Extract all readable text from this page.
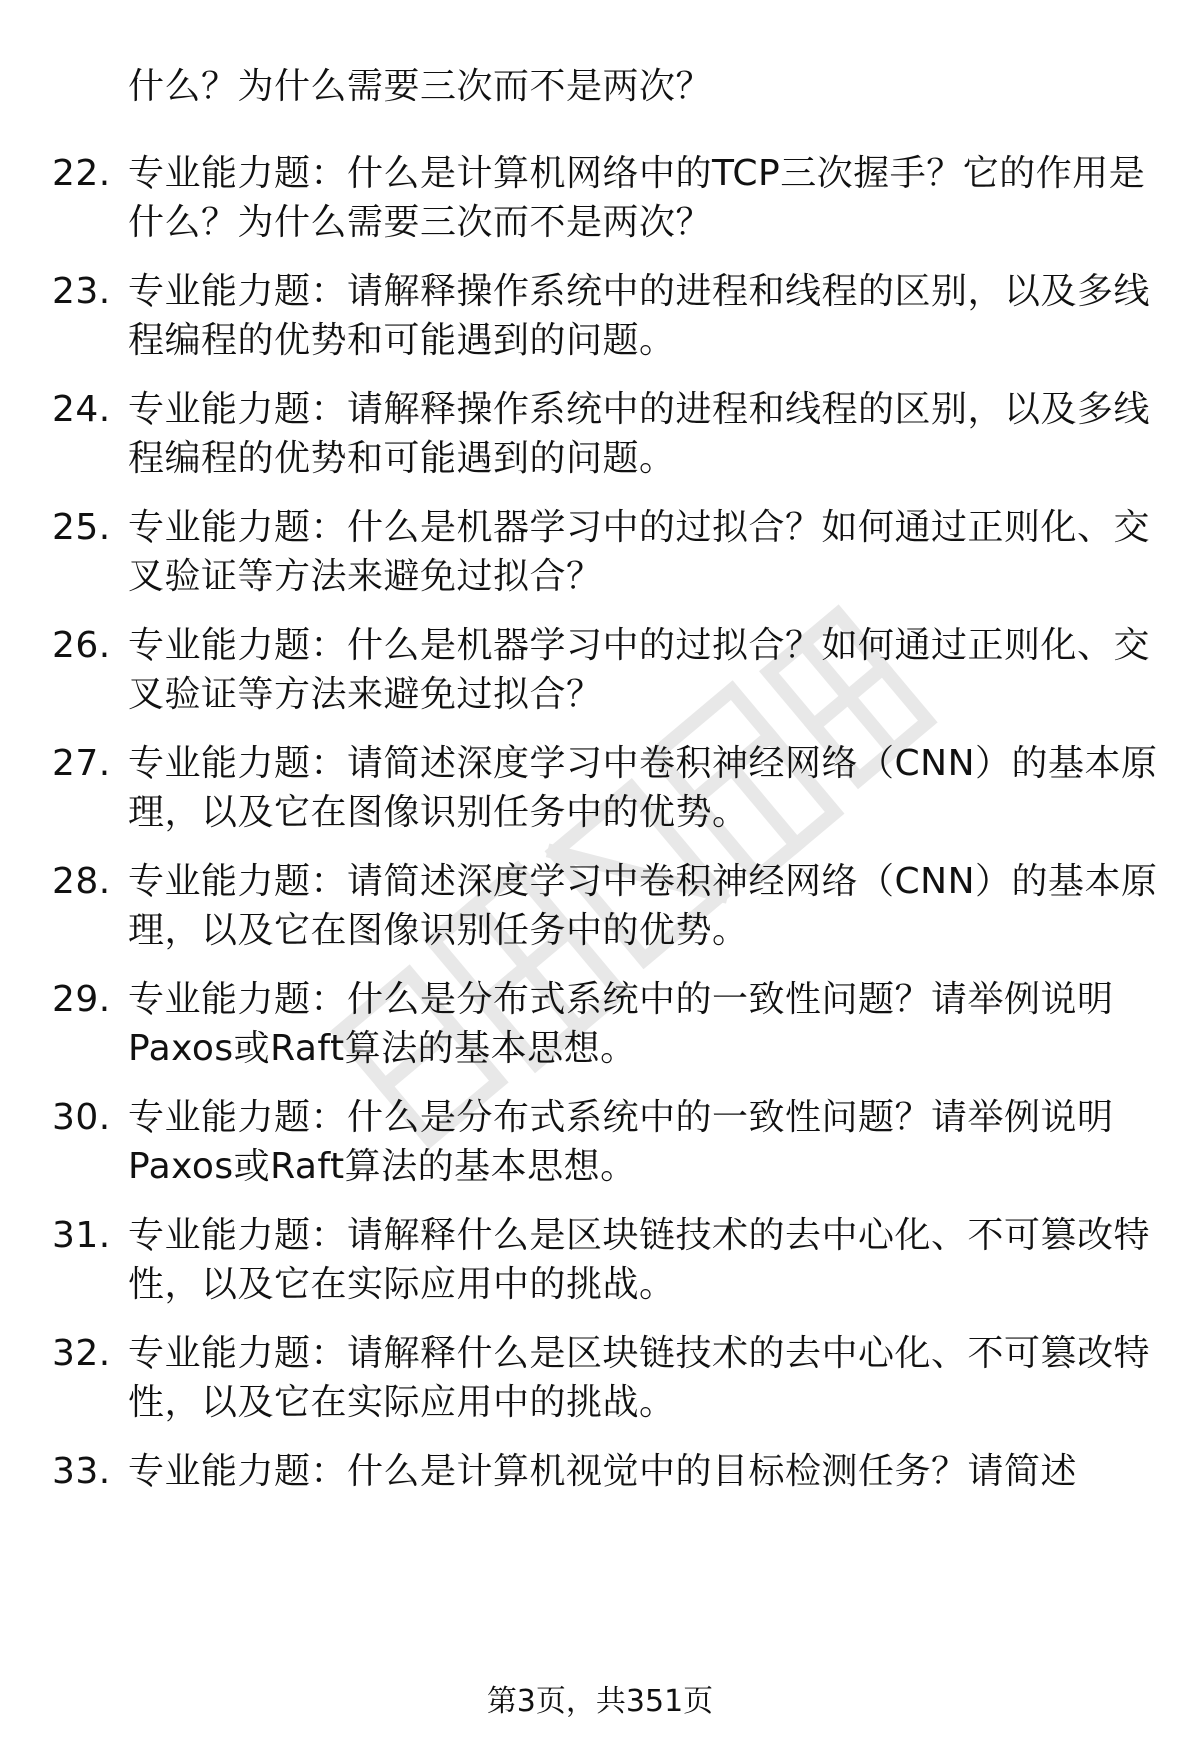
什么？为什么需要三次而不是两次？
22. 专业能力题：什么是计算机网络中的TCP三次握手？它的作用是
什么？为什么需要三次而不是两次？
23. 专业能力题：请解释操作系统中的进程和线程的区别，以及多线
程编程的优势和可能遇到的问题。
24. 专业能力题：请解释操作系统中的进程和线程的区别，以及多线
程编程的优势和可能遇到的问题。
25. 专业能力题：什么是机器学习中的过拟合？如何通过正则化、交
叉验证等方法来避免过拟合？
26. 专业能力题：什么是机器学习中的过拟合？如何通过正则化、交
叉验证等方法来避免过拟合？
27. 专业能力题：请简述深度学习中卷积神经网络（CNN）的基本原
理，以及它在图像识别任务中的优势。
28. 专业能力题：请简述深度学习中卷积神经网络（CNN）的基本原
理，以及它在图像识别任务中的优势。
29. 专业能力题：什么是分布式系统中的一致性问题？请举例说明
Paxos或Raft算法的基本思想。
30. 专业能力题：什么是分布式系统中的一致性问题？请举例说明
Paxos或Raft算法的基本思想。
31. 专业能力题：请解释什么是区块链技术的去中心化、不可篡改特
性，以及它在实际应用中的挑战。
32. 专业能力题：请解释什么是区块链技术的去中心化、不可篡改特
性，以及它在实际应用中的挑战。
33. 专业能力题：什么是计算机视觉中的目标检测任务？请简述
第3页，共351页
